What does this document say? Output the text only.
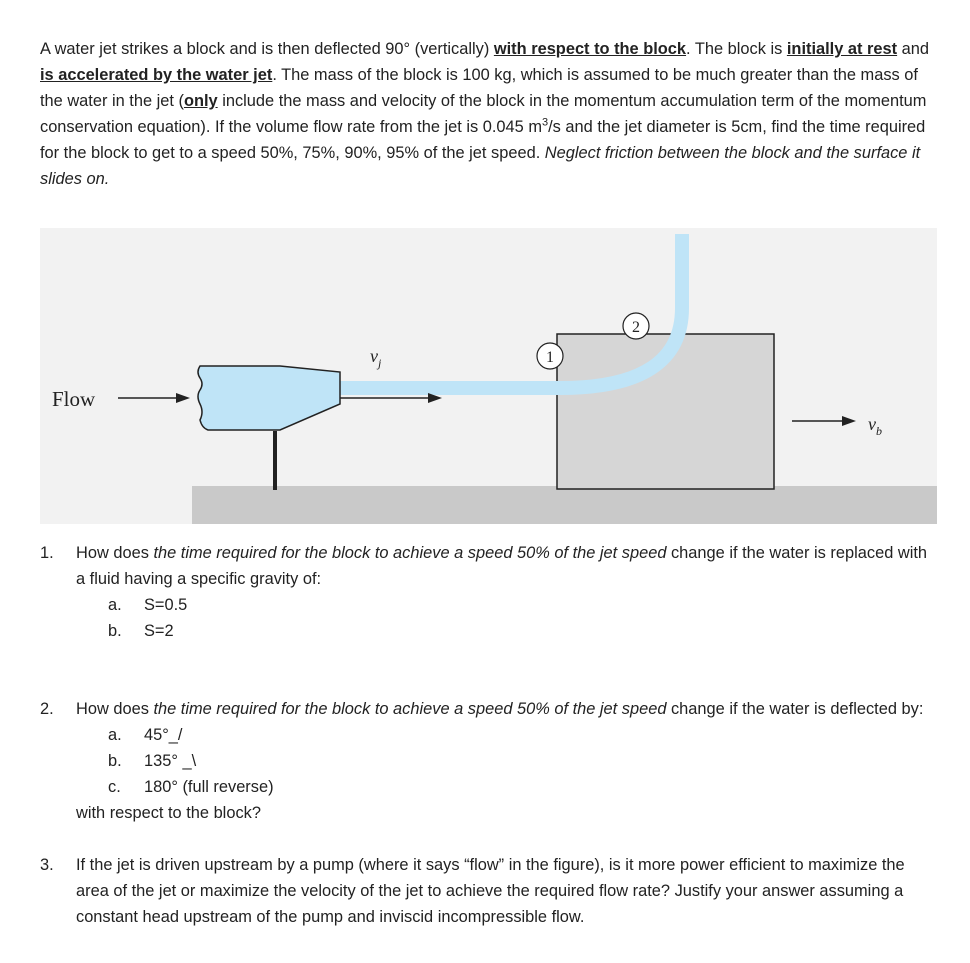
A water jet strikes a block and is then deflected 90° (vertically) with respect to the block. The block is initially at rest and is accelerated by the water jet. The mass of the block is 100 kg, which is assumed to be much greater than the mass of the water in the jet (only include the mass and velocity of the block in the momentum accumulation term of the momentum conservation equation). If the volume flow rate from the jet is 0.045 $m^3/s$ and the jet diameter is 5cm, find the time required for the block to get to a speed 50%, 75%, 90%, 95% of the jet speed. Neglect friction between the block and the surface it slides on.

Flow
$v_j$
$v_b$
1
2
1. How does the time required for the block to achieve a speed 50% of the jet speed change if the water is replaced with a fluid having a specific gravity of:
a. S=0.5
b. S=2
2. How does the time required for the block to achieve a speed 50% of the jet speed change if the water is deflected by:
a. 45°_/
b. 135° _\
c. 180° (full reverse)
with respect to the block?
3. If the jet is driven upstream by a pump (where it says “flow” in the figure), is it more power efficient to maximize the area of the jet or maximize the velocity of the jet to achieve the required flow rate? Justify your answer assuming a constant head upstream of the pump and inviscid incompressible flow.
